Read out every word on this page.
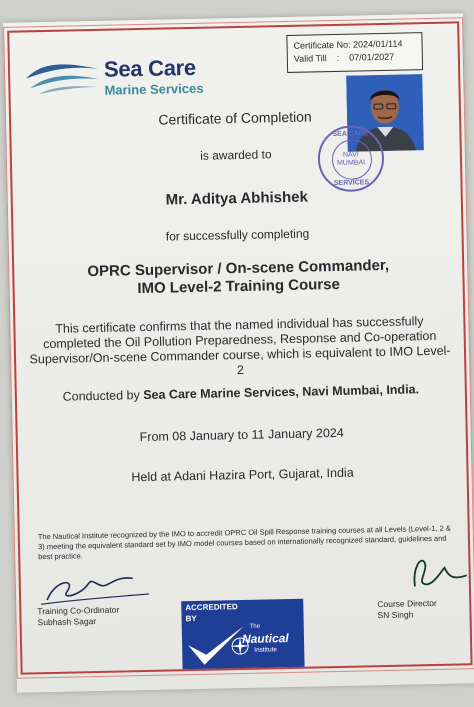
Sea Care
Marine Services
Certificate No: 2024/01/114
Valid Till    :    07/01/2027
SEA CARE
NAVI MUMBAI
SERVICES
Certificate of Completion
is awarded to
Mr. Aditya Abhishek
for successfully completing
OPRC Supervisor / On-scene Commander,
IMO Level-2 Training Course
This certificate confirms that the named individual has successfully completed the Oil Pollution Preparedness, Response and Co-operation Supervisor/On-scene Commander course, which is equivalent to IMO Level-2
Conducted by Sea Care Marine Services, Navi Mumbai, India.
From 08 January to 11 January 2024
Held at Adani Hazira Port, Gujarat, India
The Nautical Institute recognized by the IMO to accredit OPRC Oil Spill Response training courses at all Levels (Level-1, 2 & 3) meeting the equivalent standard set by IMO model courses based on internationally recognized standard, guidelines and best practice.
Training Co-Ordinator
Subhash Sagar
Course Director
SN Singh
ACCREDITED
BY
The
Nautical
Institute
